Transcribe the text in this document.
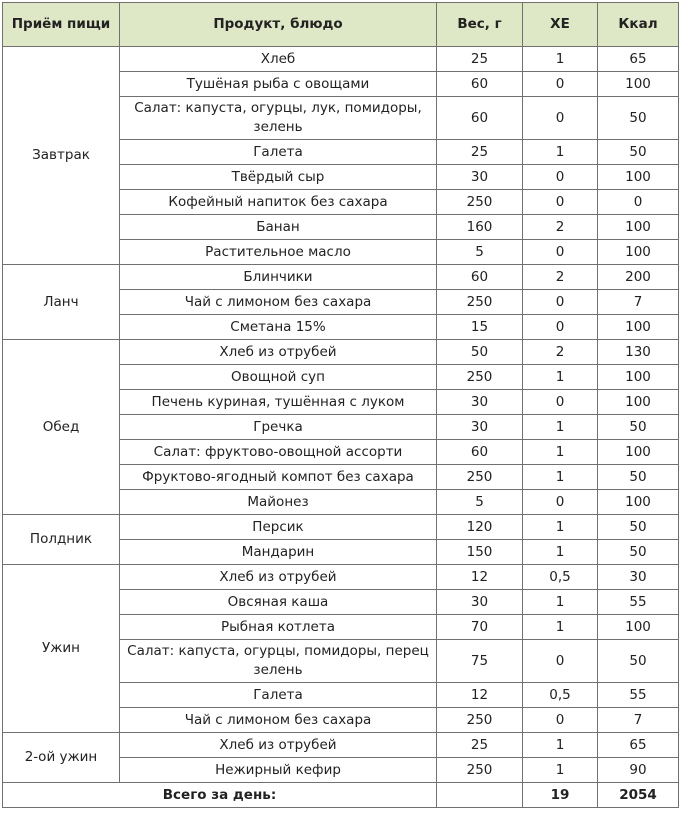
Приём пищи	Продукт, блюдо	Вес, г	ХЕ	Ккал
Завтрак	Хлеб	25	1	65
	Тушёная рыба с овощами	60	0	100
	Салат: капуста, огурцы, лук, помидоры, зелень	60	0	50
	Галета	25	1	50
	Твёрдый сыр	30	0	100
	Кофейный напиток без сахара	250	0	0
	Банан	160	2	100
	Растительное масло	5	0	100
Ланч	Блинчики	60	2	200
	Чай с лимоном без сахара	250	0	7
	Сметана 15%	15	0	100
Обед	Хлеб из отрубей	50	2	130
	Овощной суп	250	1	100
	Печень куриная, тушённая с луком	30	0	100
	Гречка	30	1	50
	Салат: фруктово-овощной ассорти	60	1	100
	Фруктово-ягодный компот без сахара	250	1	50
	Майонез	5	0	100
Полдник	Персик	120	1	50
	Мандарин	150	1	50
Ужин	Хлеб из отрубей	12	0,5	30
	Овсяная каша	30	1	55
	Рыбная котлета	70	1	100
	Салат: капуста, огурцы, помидоры, перец зелень	75	0	50
	Галета	12	0,5	55
	Чай с лимоном без сахара	250	0	7
2-ой ужин	Хлеб из отрубей	25	1	65
	Нежирный кефир	250	1	90
Всего за день:			19	2054
